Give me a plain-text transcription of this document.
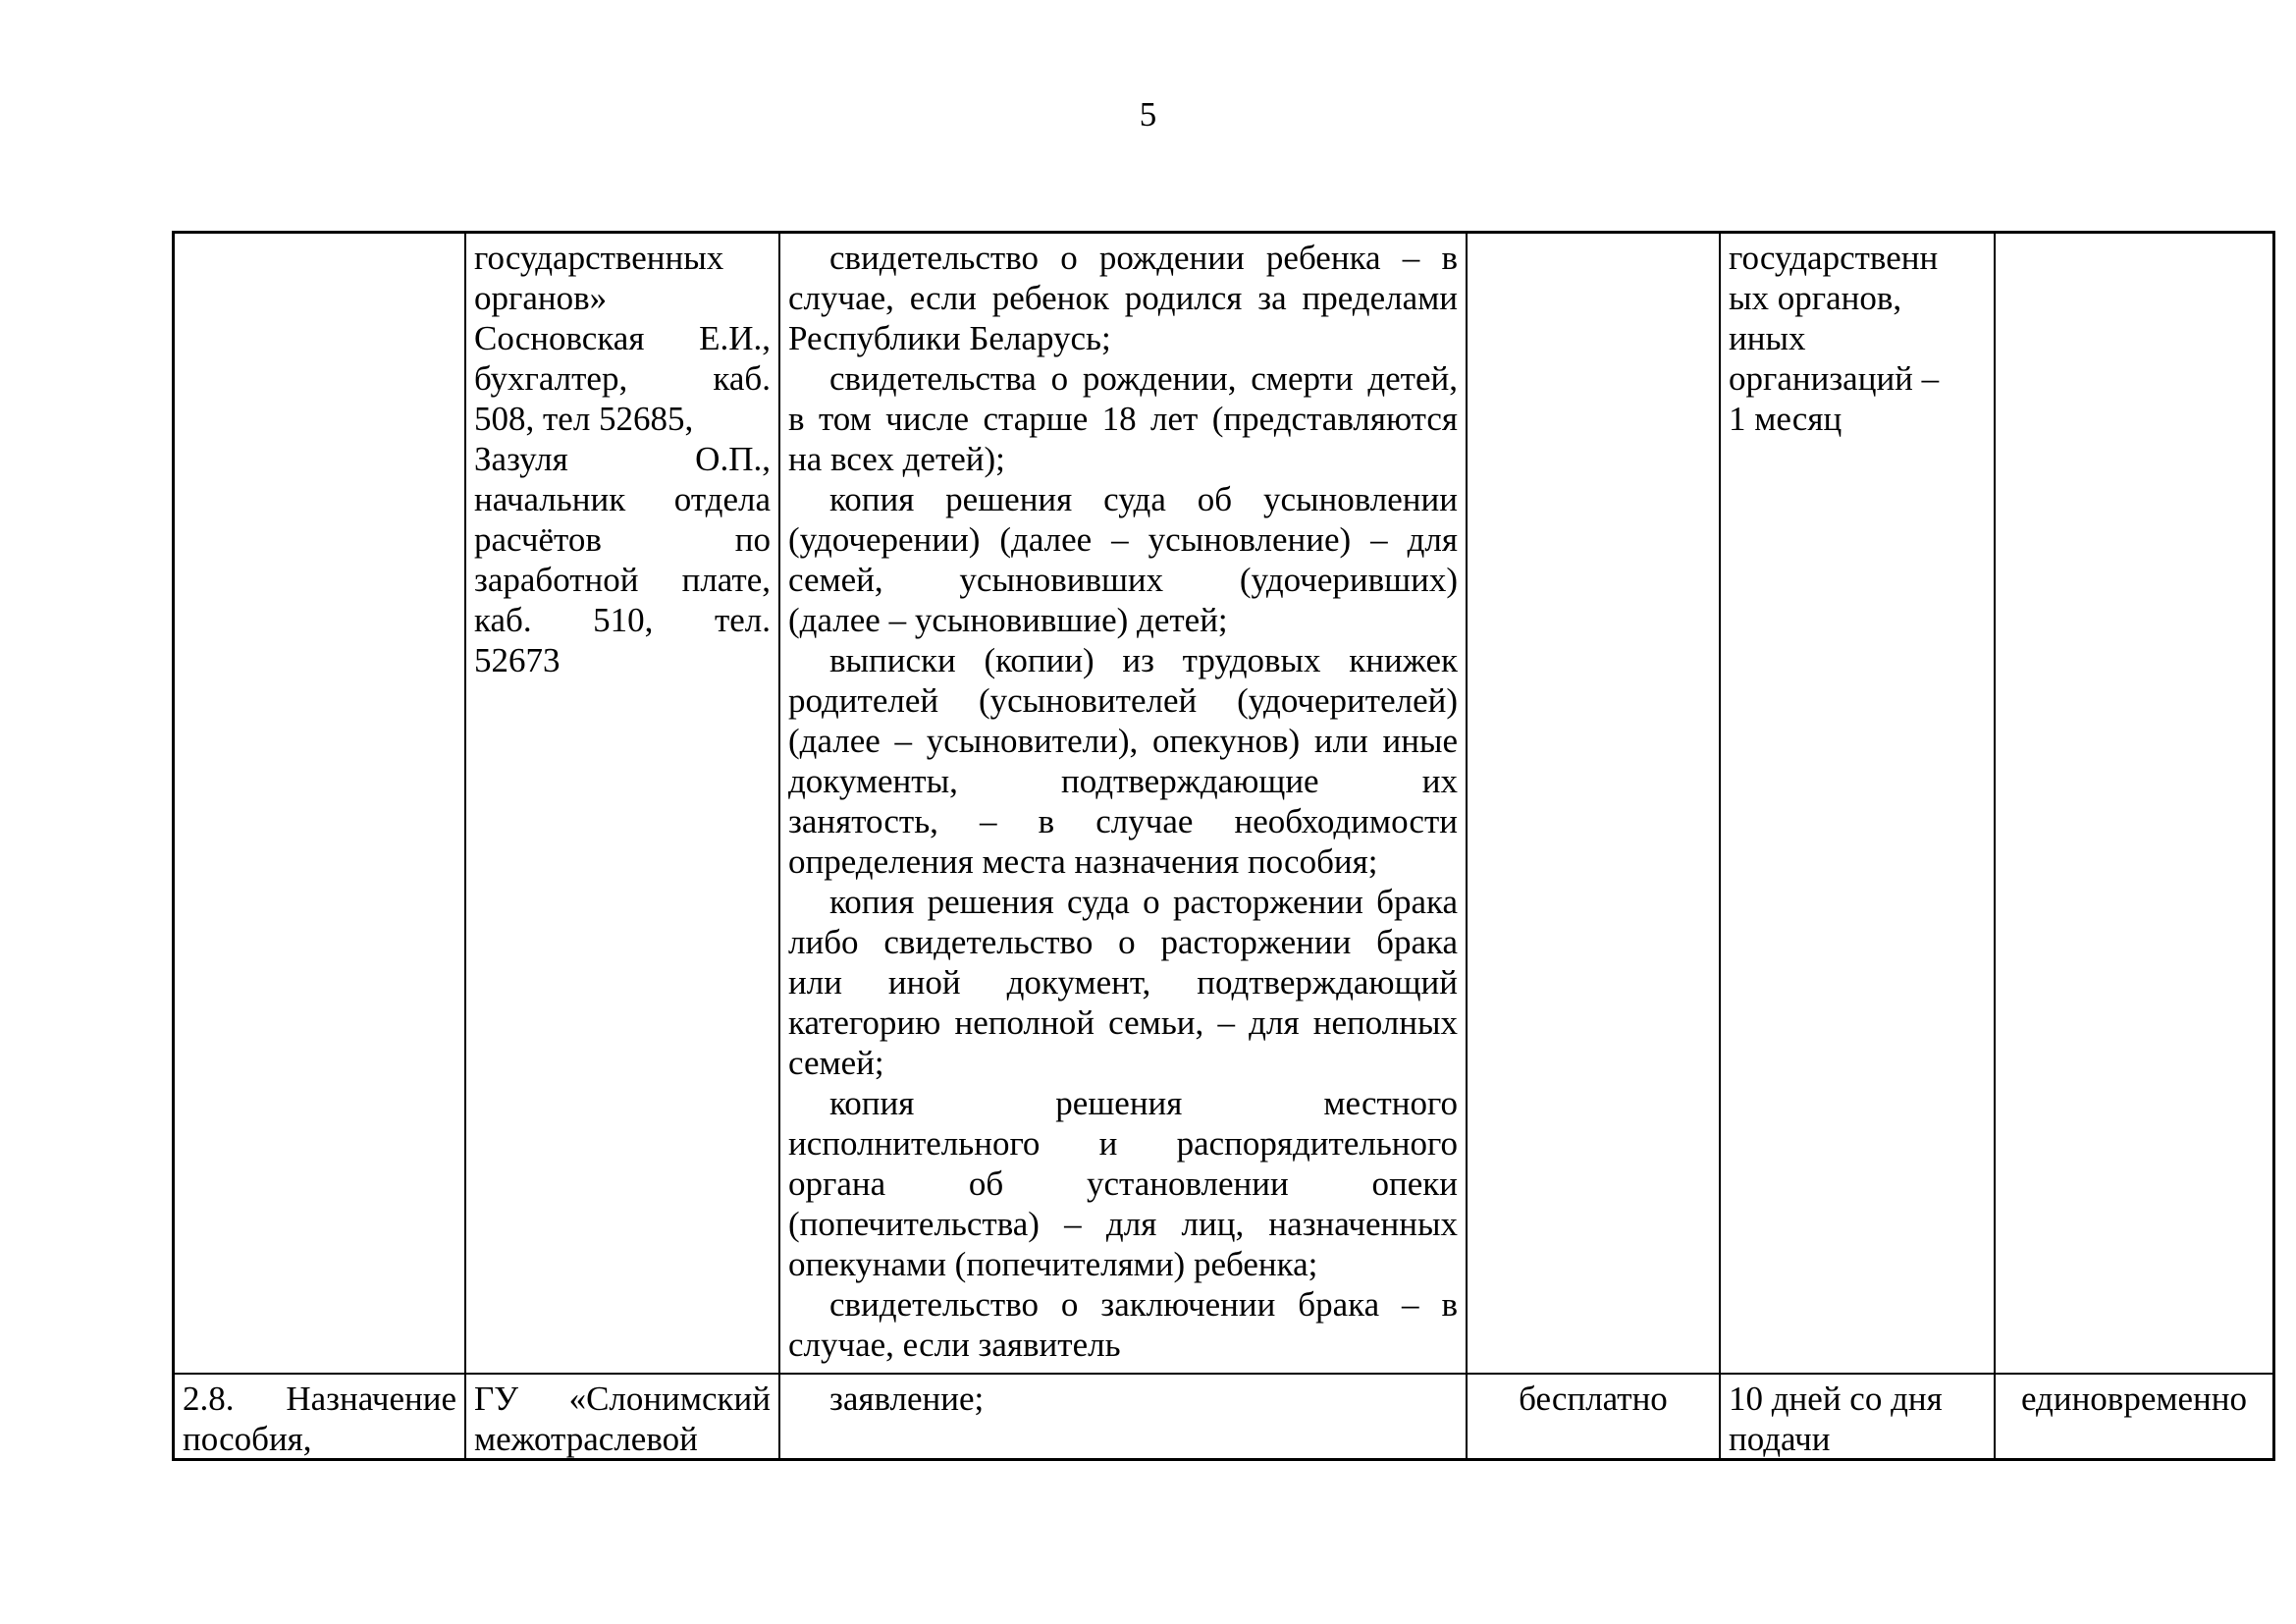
5
государственных
органов»
Сосновская Е.И.,
бухгалтер, каб.
508, тел 52685,
Зазуля О.П.,
начальник отдела
расчётов по
заработной плате,
каб. 510, тел.
52673
свидетельство о рождении ребенка – в
случае, если ребенок родился за пределами
Республики Беларусь;
свидетельства о рождении, смерти детей,
в том числе старше 18 лет (представляются
на всех детей);
копия решения суда об усыновлении
(удочерении) (далее – усыновление) – для
семей, усыновивших (удочеривших)
(далее – усыновившие) детей;
выписки (копии) из трудовых книжек
родителей (усыновителей (удочерителей)
(далее – усыновители), опекунов) или иные
документы, подтверждающие их
занятость, – в случае необходимости
определения места назначения пособия;
копия решения суда о расторжении брака
либо свидетельство о расторжении брака
или иной документ, подтверждающий
категорию неполной семьи, – для неполных
семей;
копия решения местного
исполнительного и распорядительного
органа об установлении опеки
(попечительства) – для лиц, назначенных
опекунами (попечителями) ребенка;
свидетельство о заключении брака – в
случае, если заявитель
государственн
ых органов,
иных
организаций –
1 месяц
2.8. Назначение
пособия,
ГУ «Слонимский
межотраслевой
заявление;	бесплатно	10 дней со дня
подачи
единовременно
